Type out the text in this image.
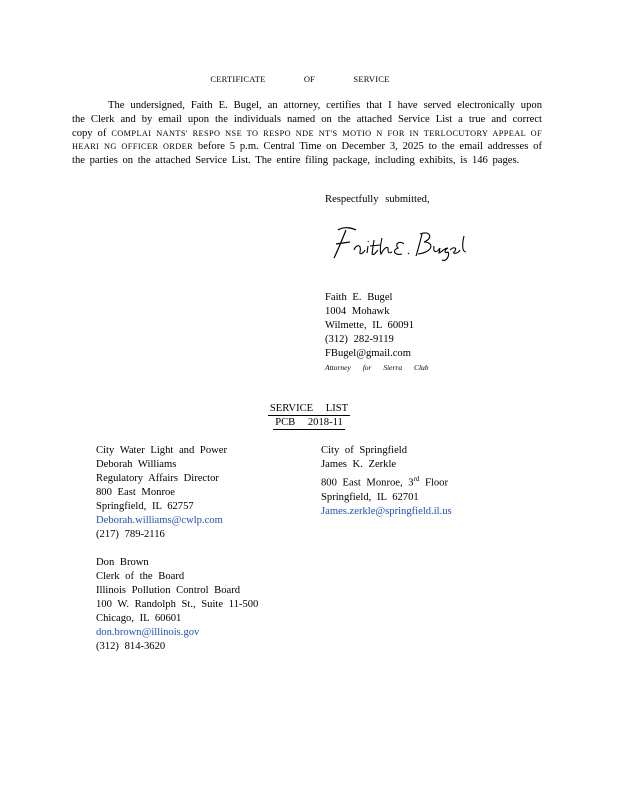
CERTIFICATE	OF	SERVICE
The undersigned, Faith E. Bugel, an attorney, certifies that I have served electronically upon the Clerk and by email upon the individuals named on the attached Service List a true and correct copy of COMPLAI NANTS' RESPO NSE TO RESPO NDE NT'S MOTIO N FOR IN TERLOCUTORY APPEAL OF HEARI NG OFFICER ORDER before 5 p.m. Central Time on December 3, 2025 to the email addresses of the parties on the attached Service List. The entire filing package, including exhibits, is 146 pages.
Respectfully submitted,
Faith E. Bugel
1004 Mohawk
Wilmette, IL 60091
(312) 282-9119
FBugel@gmail.com
Attorney for Sierra Club
SERVICE LIST
PCB 2018-11
City Water Light and Power
Deborah Williams
Regulatory Affairs Director
800 East Monroe
Springfield, IL 62757
Deborah.williams@cwlp.com
(217) 789-2116
City of Springfield
James K. Zerkle
800 East Monroe, 3rd Floor
Springfield, IL 62701
James.zerkle@springfield.il.us
Don Brown
Clerk of the Board
Illinois Pollution Control Board
100 W. Randolph St., Suite 11-500
Chicago, IL 60601
don.brown@illinois.gov
(312) 814-3620
